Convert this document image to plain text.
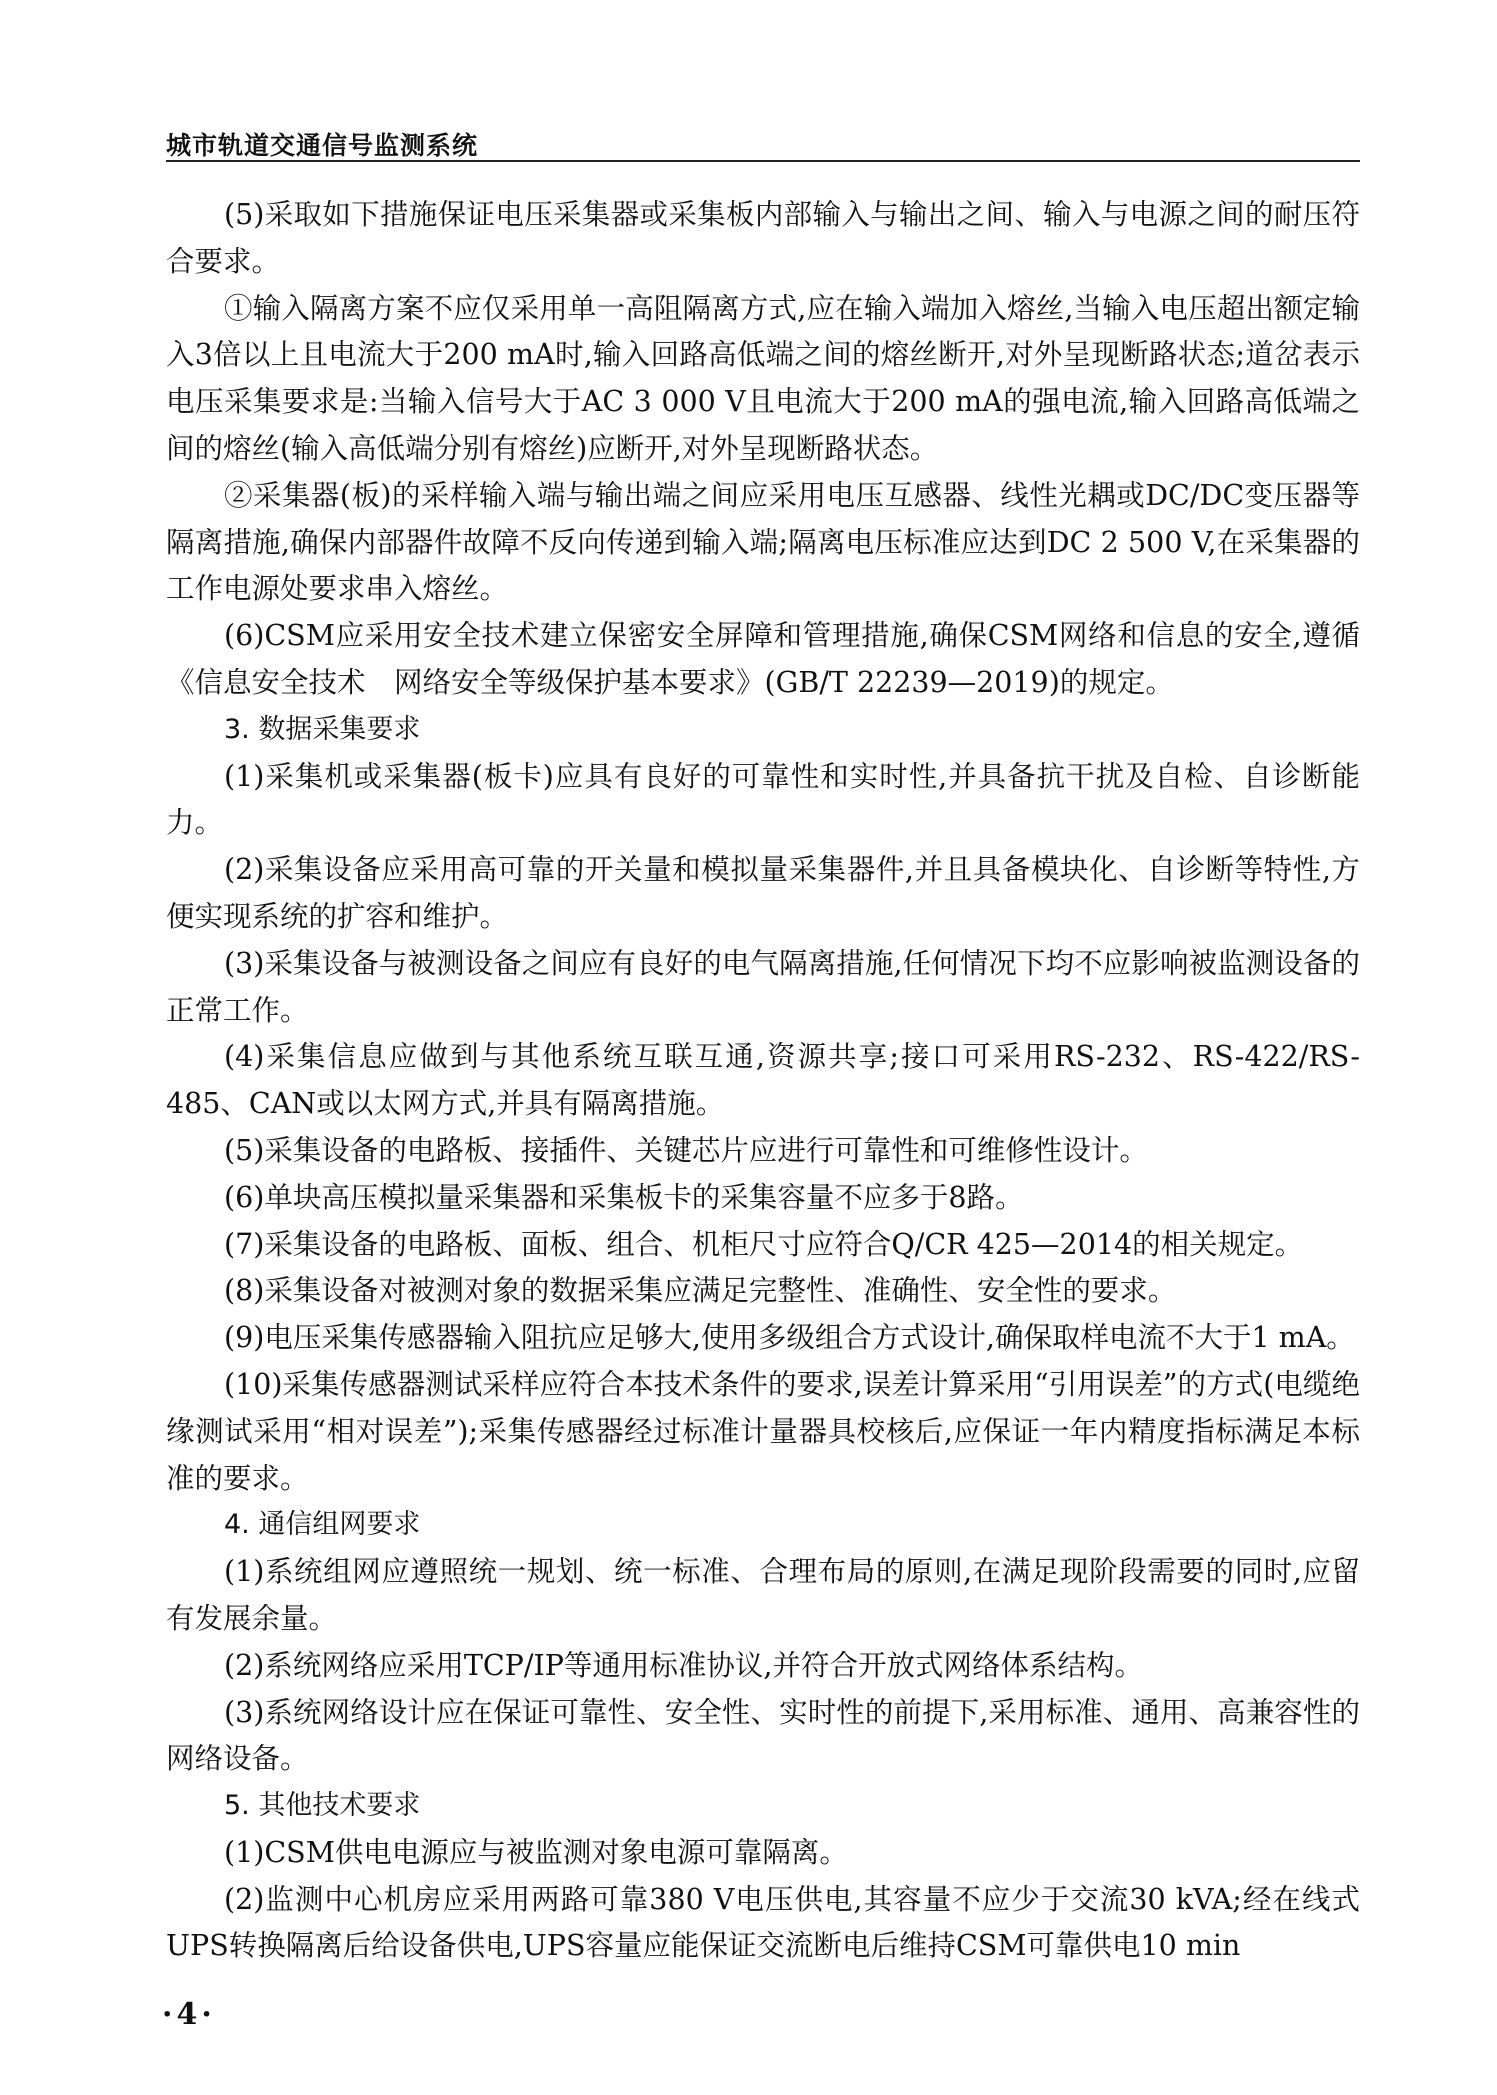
城市轨道交通信号监测系统

(5)采取如下措施保证电压采集器或采集板内部输入与输出之间、输入与电源之间的耐压符合要求。

①输入隔离方案不应仅采用单一高阻隔离方式,应在输入端加入熔丝,当输入电压超出额定输入3倍以上且电流大于200 mA时,输入回路高低端之间的熔丝断开,对外呈现断路状态;道岔表示电压采集要求是:当输入信号大于AC 3 000 V且电流大于200 mA的强电流,输入回路高低端之间的熔丝(输入高低端分别有熔丝)应断开,对外呈现断路状态。

②采集器(板)的采样输入端与输出端之间应采用电压互感器、线性光耦或DC/DC变压器等隔离措施,确保内部器件故障不反向传递到输入端;隔离电压标准应达到DC 2 500 V,在采集器的工作电源处要求串入熔丝。

(6)CSM应采用安全技术建立保密安全屏障和管理措施,确保CSM网络和信息的安全,遵循《信息安全技术　网络安全等级保护基本要求》(GB/T 22239—2019)的规定。

3. 数据采集要求

(1)采集机或采集器(板卡)应具有良好的可靠性和实时性,并具备抗干扰及自检、自诊断能力。

(2)采集设备应采用高可靠的开关量和模拟量采集器件,并且具备模块化、自诊断等特性,方便实现系统的扩容和维护。

(3)采集设备与被测设备之间应有良好的电气隔离措施,任何情况下均不应影响被监测设备的正常工作。

(4)采集信息应做到与其他系统互联互通,资源共享;接口可采用RS-232、RS-422/RS-485、CAN或以太网方式,并具有隔离措施。

(5)采集设备的电路板、接插件、关键芯片应进行可靠性和可维修性设计。

(6)单块高压模拟量采集器和采集板卡的采集容量不应多于8路。

(7)采集设备的电路板、面板、组合、机柜尺寸应符合Q/CR 425—2014的相关规定。

(8)采集设备对被测对象的数据采集应满足完整性、准确性、安全性的要求。

(9)电压采集传感器输入阻抗应足够大,使用多级组合方式设计,确保取样电流不大于1 mA。

(10)采集传感器测试采样应符合本技术条件的要求,误差计算采用“引用误差”的方式(电缆绝缘测试采用“相对误差”);采集传感器经过标准计量器具校核后,应保证一年内精度指标满足本标准的要求。

4. 通信组网要求

(1)系统组网应遵照统一规划、统一标准、合理布局的原则,在满足现阶段需要的同时,应留有发展余量。

(2)系统网络应采用TCP/IP等通用标准协议,并符合开放式网络体系结构。

(3)系统网络设计应在保证可靠性、安全性、实时性的前提下,采用标准、通用、高兼容性的网络设备。

5. 其他技术要求

(1)CSM供电电源应与被监测对象电源可靠隔离。

(2)监测中心机房应采用两路可靠380 V电压供电,其容量不应少于交流30 kVA;经在线式UPS转换隔离后给设备供电,UPS容量应能保证交流断电后维持CSM可靠供电10 min

·4·
